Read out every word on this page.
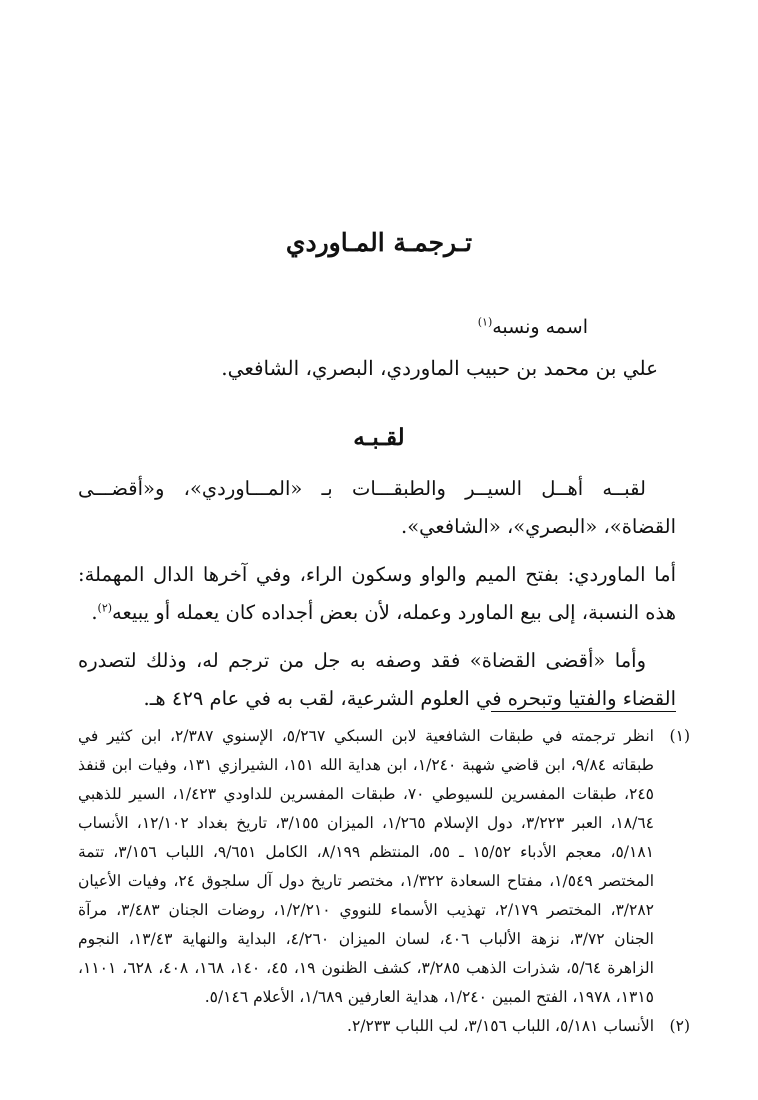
تـرجمـة المـاوردي
اسمه ونسبه$^{(١)}$
علي بن محمد بن حبيب الماوردي، البصري، الشافعي.
لقـبـه

لقبــه أهــل السيــر والطبقـــات بـ «المـــاوردي»، و«أقضـــى القضاة»، «البصري»، «الشافعي».

أما الماوردي: بفتح الميم والواو وسكون الراء، وفي آخرها الدال المهملة: هذه النسبة، إلى بيع الماورد وعمله، لأن بعض أجداده كان يعمله أو يبيعه$^{(٢)}$.

وأما «أقضى القضاة» فقد وصفه به جل من ترجم له، وذلك لتصدره القضاء والفتيا وتبحره في العلوم الشرعية، لقب به في عام ٤٢٩ هـ.

(١)
انظر ترجمته في طبقات الشافعية لابن السبكي ٥/٢٦٧، الإسنوي ٢/٣٨٧، ابن كثير في طبقاته ٩/٨٤، ابن قاضي شهبة ١/٢٤٠، ابن هداية الله ١٥١، الشيرازي ١٣١، وفيات ابن قنفذ ٢٤٥، طبقات المفسرين للسيوطي ٧٠، طبقات المفسرين للداودي ١/٤٢٣، السير للذهبي ١٨/٦٤، العبر ٣/٢٢٣، دول الإسلام ١/٢٦٥، الميزان ٣/١٥٥، تاريخ بغداد ١٢/١٠٢، الأنساب ٥/١٨١، معجم الأدباء ١٥/٥٢ ـ ٥٥، المنتظم ٨/١٩٩، الكامل ٩/٦٥١، اللباب ٣/١٥٦، تتمة المختصر ١/٥٤٩، مفتاح السعادة ١/٣٢٢، مختصر تاريخ دول آل سلجوق ٢٤، وفيات الأعيان ٣/٢٨٢، المختصر ٢/١٧٩، تهذيب الأسماء للنووي ١/٢/٢١٠، روضات الجنان ٣/٤٨٣، مرآة الجنان ٣/٧٢، نزهة الألباب ٤٠٦، لسان الميزان ٤/٢٦٠، البداية والنهاية ١٣/٤٣، النجوم الزاهرة ٥/٦٤، شذرات الذهب ٣/٢٨٥، كشف الظنون ١٩، ٤٥، ١٤٠، ١٦٨، ٤٠٨، ٦٢٨، ١١٠١، ١٣١٥، ١٩٧٨، الفتح المبين ١/٢٤٠، هداية العارفين ١/٦٨٩، الأعلام ٥/١٤٦.
(٢)
الأنساب ٥/١٨١، اللباب ٣/١٥٦، لب اللباب ٢/٢٣٣.
